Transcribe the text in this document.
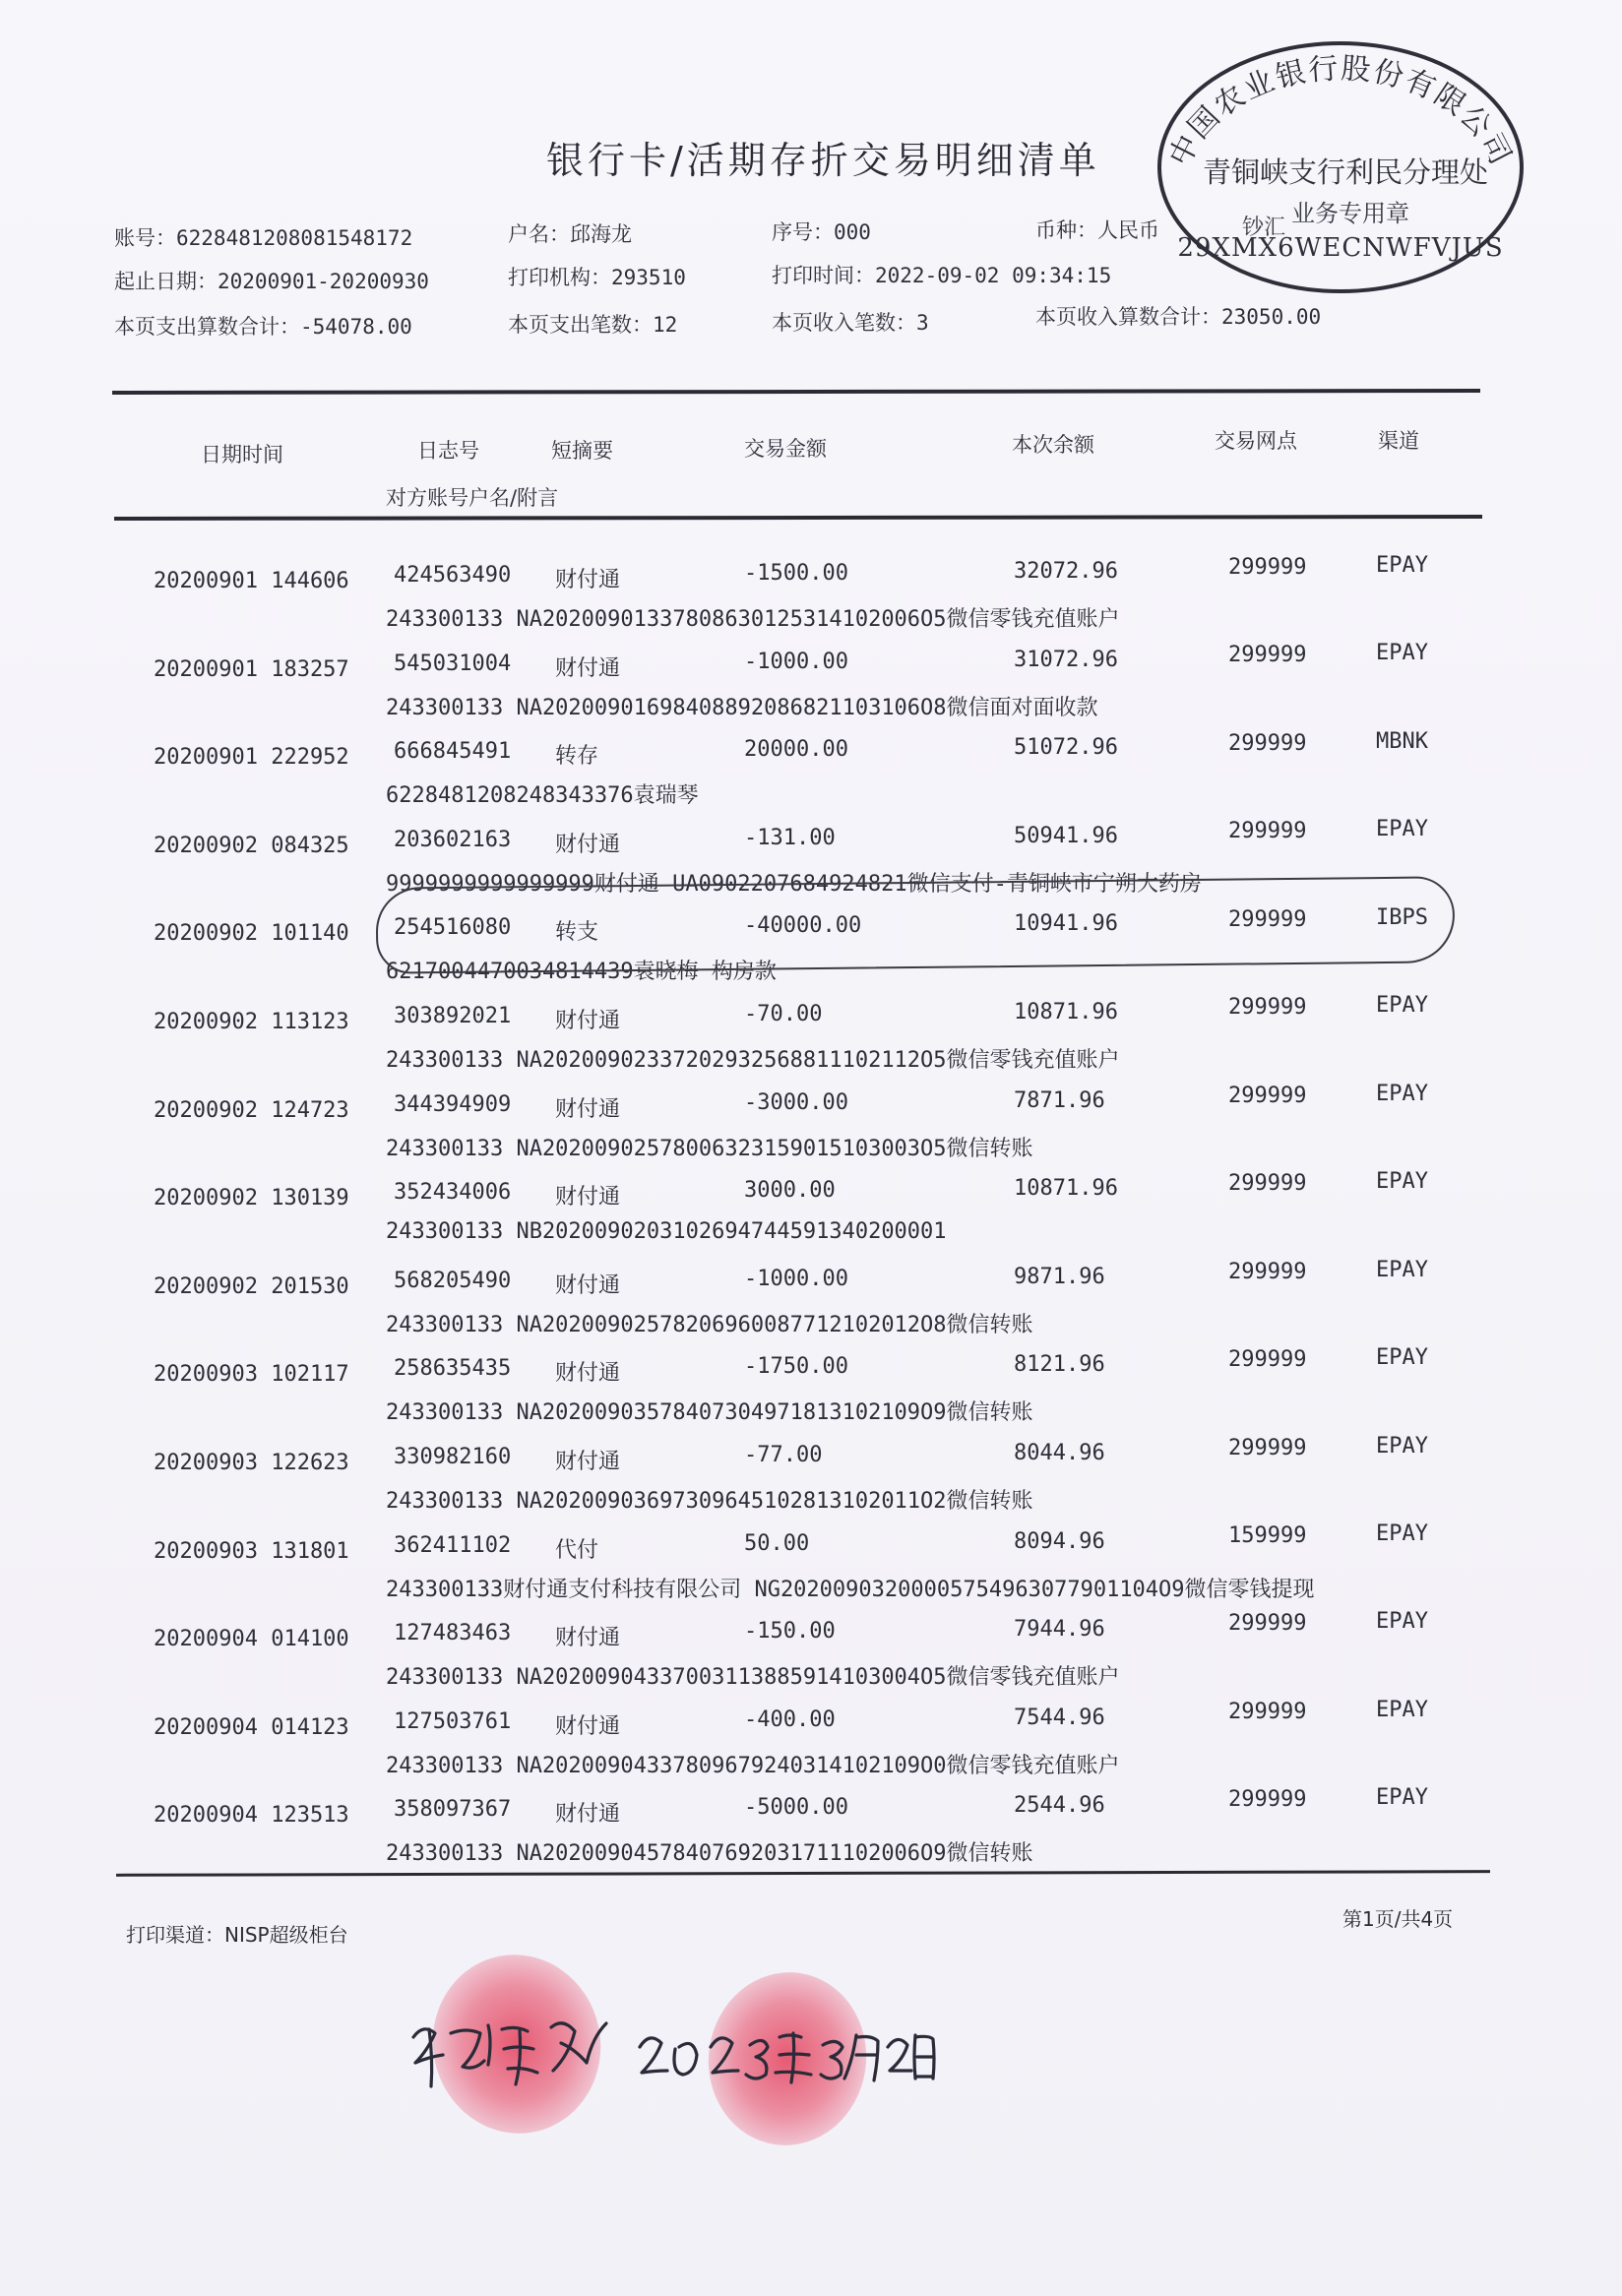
银行卡/活期存折交易明细清单
账号：6228481208081548172	户名：邱海龙	序号：000	币种：人民币
起止日期：20200901-20200930	打印机构：293510	打印时间：2022-09-02 09:34:15
本页支出算数合计：-54078.00	本页支出笔数：12	本页收入笔数：3	本页收入算数合计：23050.00
日期时间	日志号	短摘要	交易金额	本次余额	交易网点	渠道
对方账号户名/附言
20200901 144606 424563490 财付通	-1500.00	32072.96	299999	EPAY
243300133 NA20200901337808630125314102006O5微信零钱充值账户
20200901 183257 545031004 财付通	-1000.00	31072.96	299999	EPAY
243300133 NA20200901698408892086821103106O8微信面对面收款
20200901 222952 666845491 转存	20000.00	51072.96	299999	MBNK
6228481208248343376袁瑞琴
20200902 084325 203602163 财付通	-131.00	50941.96	299999	EPAY
9999999999999999财付通 UA0902207684924821微信支付-青铜峡市宁朔大药房
20200902 101140 254516080 转支	-40000.00	10941.96	299999	IBPS
6217004470034814439袁晓梅 构房款
20200902 113123 303892021 财付通	-70.00	10871.96	299999	EPAY
243300133 NA20200902337202932568811102112O5微信零钱充值账户
20200902 124723 344394909 财付通	-3000.00	7871.96	299999	EPAY
243300133 NA20200902578006323159015103003O5微信转账
20200902 130139 352434006 财付通	3000.00	10871.96	299999	EPAY
243300133 NB2020090203102694744591340200001
20200902 201530 568205490 财付通	-1000.00	9871.96	299999	EPAY
243300133 NA20200902578206960087712102012O8微信转账
20200903 102117 258635435 财付通	-1750.00	8121.96	299999	EPAY
243300133 NA20200903578407304971813102109O9微信转账
20200903 122623 330982160 财付通	-77.00	8044.96	299999	EPAY
243300133 NA20200903697309645102813102011O2微信转账
20200903 131801 362411102 代付	50.00	8094.96	159999	EPAY
243300133财付通支付科技有限公司 NG20200903200005754963077901104O9微信零钱提现
20200904 014100 127483463 财付通	-150.00	7944.96	299999	EPAY
243300133 NA20200904337003113885914103004O5微信零钱充值账户
20200904 014123 127503761 财付通	-400.00	7544.96	299999	EPAY
243300133 NA20200904337809679240314102109O0微信零钱充值账户
20200904 123513 358097367 财付通	-5000.00	2544.96	299999	EPAY
243300133 NA20200904578407692031711102006O9微信转账
打印渠道：NISP超级柜台
第1页/共4页
中国农业银行股份有限公司
青铜峡支行利民分理处
业务专用章
钞汇
29XMX6WECNWFVJUS
